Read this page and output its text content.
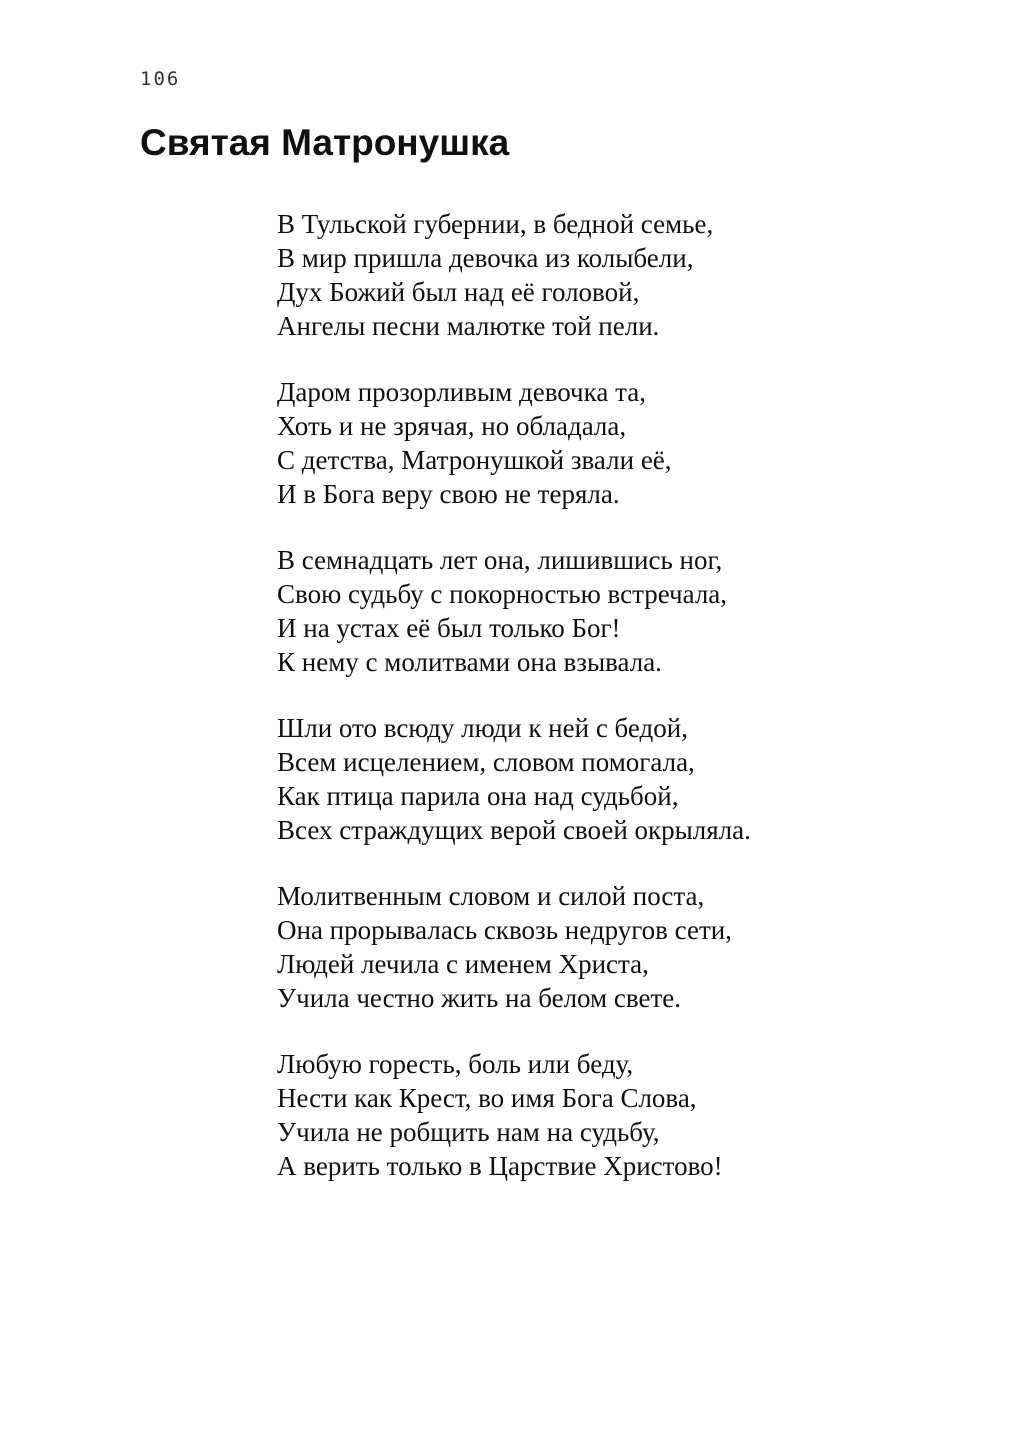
106
Святая Матронушка
В Тульской губернии, в бедной семье,
В мир пришла девочка из колыбели,
Дух Божий был над её головой,
Ангелы песни малютке той пели.
Даром прозорливым девочка та,
Хоть и не зрячая, но обладала,
С детства, Матронушкой звали её,
И в Бога веру свою не теряла.
В семнадцать лет она, лишившись ног,
Свою судьбу с покорностью встречала,
И на устах её был только Бог!
К нему с молитвами она взывала.
Шли ото всюду люди к ней с бедой,
Всем исцелением, словом помогала,
Как птица парила она над судьбой,
Всех страждущих верой своей окрыляла.
Молитвенным словом и силой поста,
Она прорывалась сквозь недругов сети,
Людей лечила с именем Христа,
Учила честно жить на белом свете.
Любую горесть, боль или беду,
Нести как Крест, во имя Бога Слова,
Учила не робщить нам на судьбу,
А верить только в Царствие Христово!
